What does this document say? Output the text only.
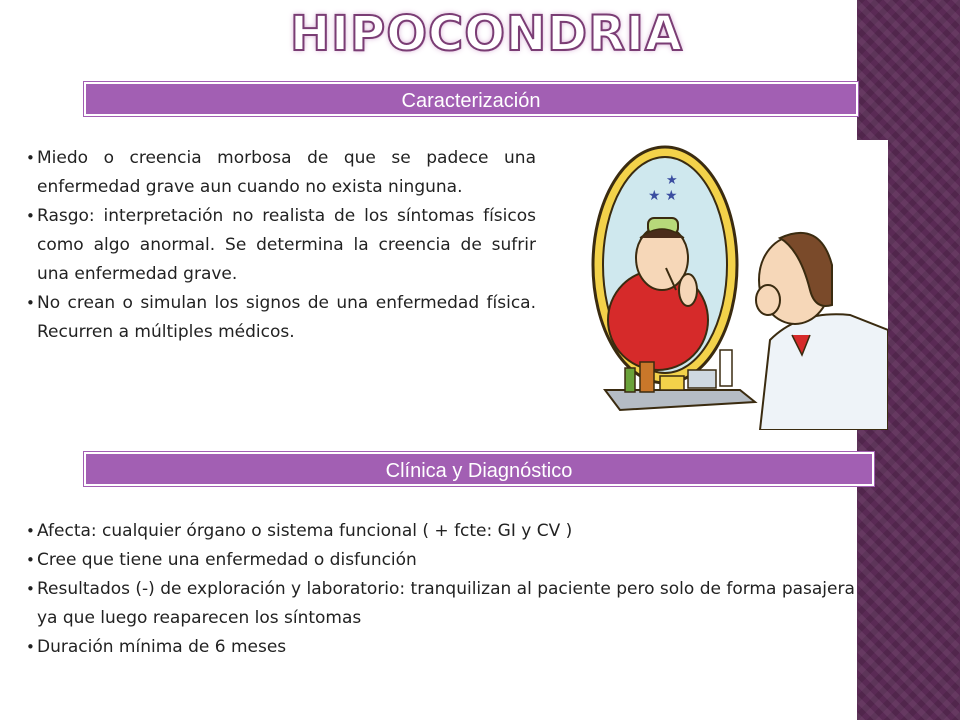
HIPOCONDRIA
Caracterización
• Miedo o creencia morbosa de que se padece una enfermedad grave aun cuando no exista ninguna.
• Rasgo: interpretación no realista de los síntomas físicos como algo anormal. Se determina la creencia de sufrir una enfermedad grave.
• No crean o simulan los signos de una enfermedad física. Recurren a múltiples médicos.
★ ★
★
Clínica y Diagnóstico
• Afecta: cualquier órgano o sistema funcional ( + fcte: GI y CV )
• Cree que tiene una enfermedad o disfunción
• Resultados (-) de exploración y laboratorio: tranquilizan al paciente pero solo de forma pasajera ya que luego reaparecen los síntomas
• Duración mínima de 6 meses
